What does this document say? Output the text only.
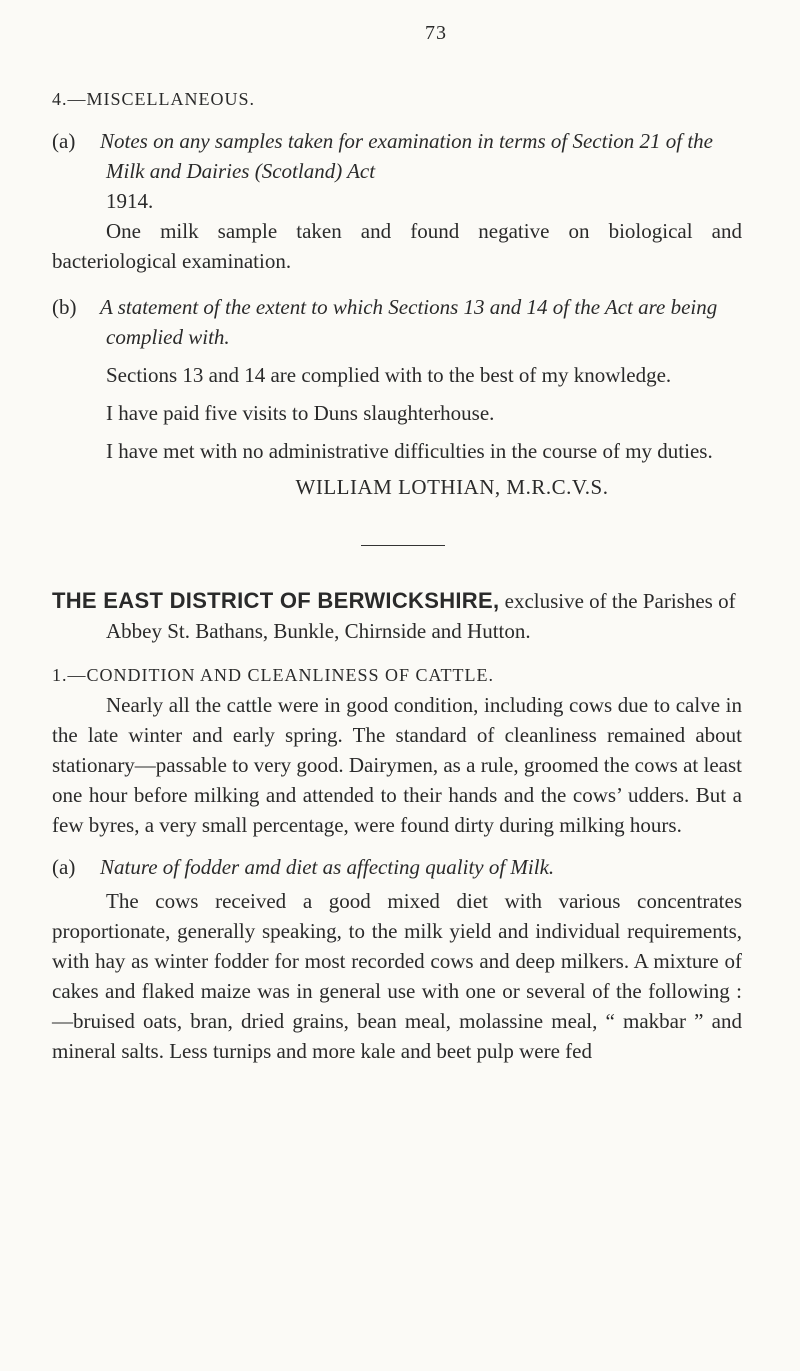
73

4.—MISCELLANEOUS.

(a) Notes on any samples taken for examination in terms of Section 21 of the Milk and Dairies (Scotland) Act
1914.

One milk sample taken and found negative on biological and bacteriological examination.

(b) A statement of the extent to which Sections 13 and 14 of the Act are being complied with.

Sections 13 and 14 are complied with to the best of my knowledge.

I have paid five visits to Duns slaughterhouse.

I have met with no administrative difficulties in the course of my duties.

WILLIAM LOTHIAN, M.R.C.V.S.

THE EAST DISTRICT OF BERWICKSHIRE, exclusive of the Parishes of Abbey St. Bathans, Bunkle, Chirnside and Hutton.

1.—CONDITION AND CLEANLINESS OF CATTLE.

Nearly all the cattle were in good condition, including cows due to calve in the late winter and early spring. The standard of cleanliness remained about stationary—passable to very good. Dairymen, as a rule, groomed the cows at least one hour before milking and attended to their hands and the cows’ udders. But a few byres, a very small percentage, were found dirty during milking hours.

(a) Nature of fodder amd diet as affecting quality of Milk.

The cows received a good mixed diet with various concentrates proportionate, generally speaking, to the milk yield and individual requirements, with hay as winter fodder for most recorded cows and deep milkers. A mixture of cakes and flaked maize was in general use with one or several of the following :—bruised oats, bran, dried grains, bean meal, molassine meal, “ makbar ” and mineral salts. Less turnips and more kale and beet pulp were fed
